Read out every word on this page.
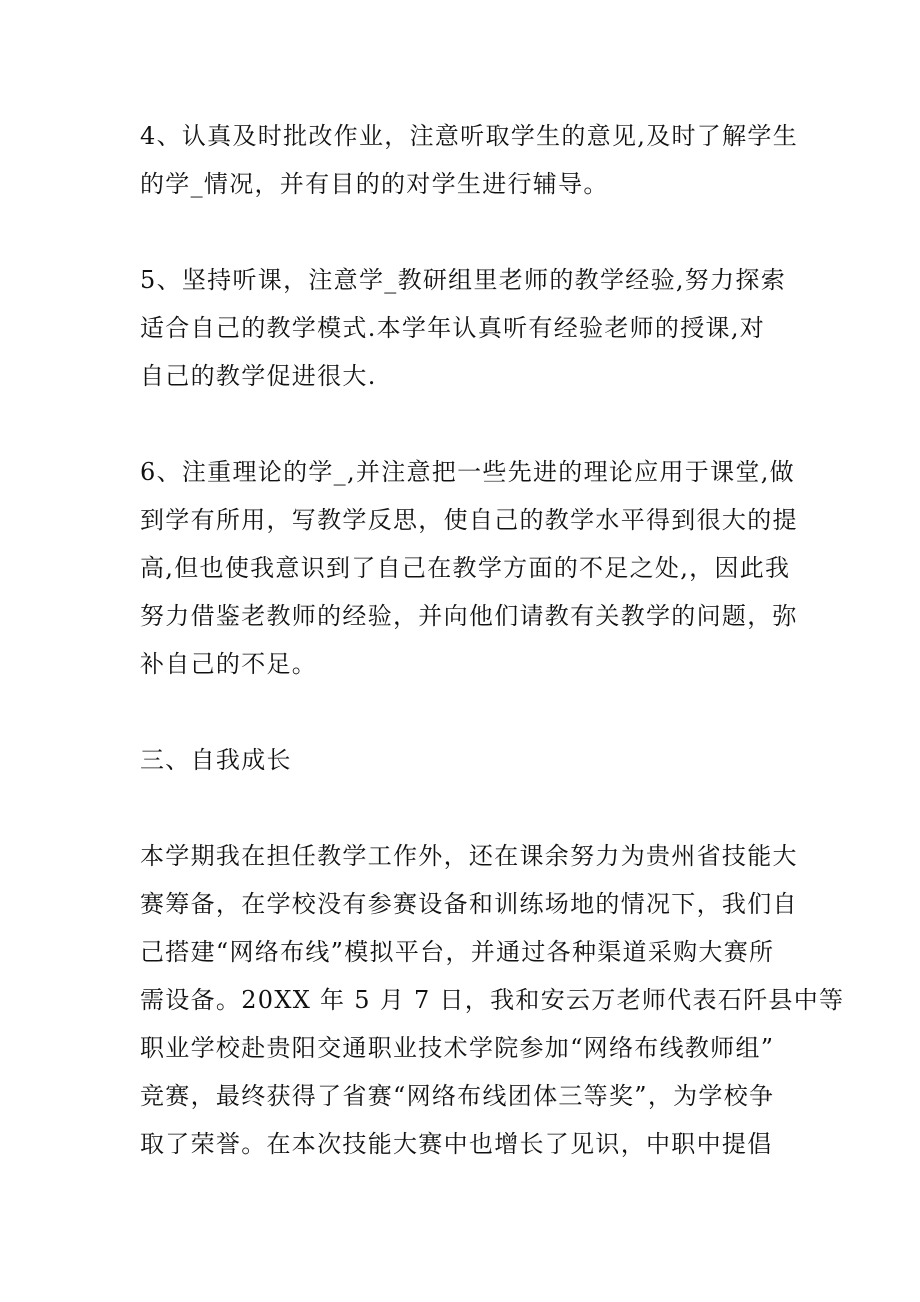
4、认真及时批改作业，注意听取学生的意见,及时了解学生
的学_情况，并有目的的对学生进行辅导。
5、坚持听课，注意学_教研组里老师的教学经验,努力探索
适合自己的教学模式.本学年认真听有经验老师的授课,对
自己的教学促进很大.
6、注重理论的学_,并注意把一些先进的理论应用于课堂,做
到学有所用，写教学反思，使自己的教学水平得到很大的提
高,但也使我意识到了自己在教学方面的不足之处,，因此我
努力借鉴老教师的经验，并向他们请教有关教学的问题，弥
补自己的不足。
三、自我成长
本学期我在担任教学工作外，还在课余努力为贵州省技能大
赛筹备，在学校没有参赛设备和训练场地的情况下，我们自
己搭建“网络布线”模拟平台，并通过各种渠道采购大赛所
需设备。20XX 年 5 月 7 日，我和安云万老师代表石阡县中等
职业学校赴贵阳交通职业技术学院参加“网络布线教师组”
竞赛，最终获得了省赛“网络布线团体三等奖”，为学校争
取了荣誉。在本次技能大赛中也增长了见识，中职中提倡
